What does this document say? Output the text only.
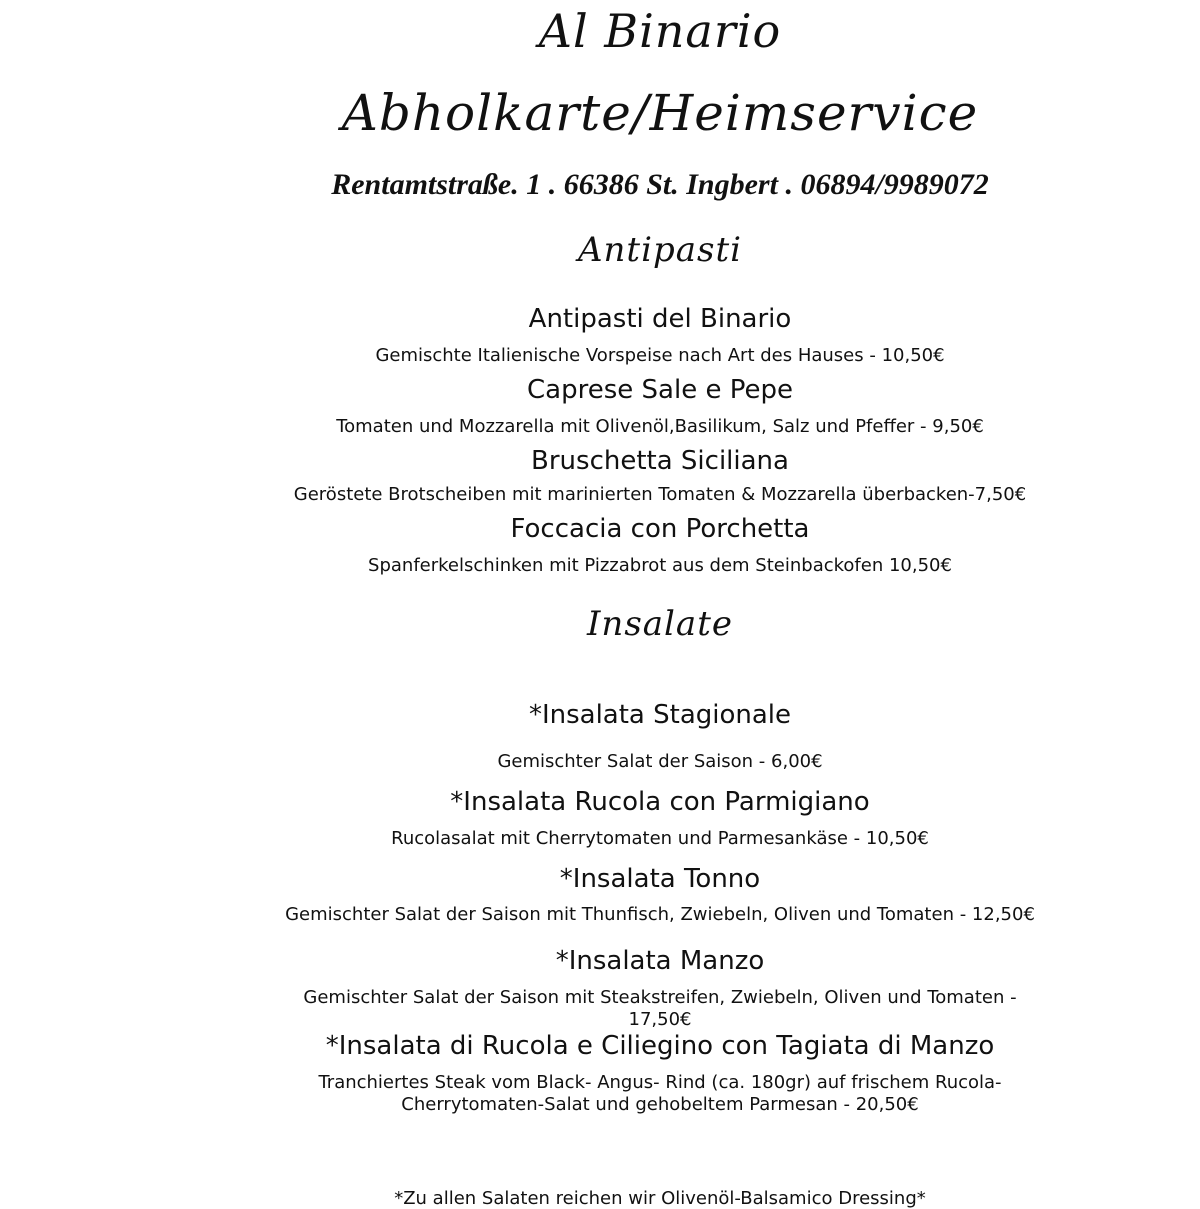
Al Binario
Abholkarte/Heimservice
Rentamtstraße. 1 . 66386 St. Ingbert . 06894/9989072
Antipasti
Antipasti del Binario
Gemischte Italienische Vorspeise nach Art des Hauses - 10,50€
Caprese Sale e Pepe
Tomaten und Mozzarella mit Olivenöl,Basilikum, Salz und Pfeffer - 9,50€
Bruschetta Siciliana
Geröstete Brotscheiben mit marinierten Tomaten & Mozzarella überbacken-7,50€
Foccacia con Porchetta
Spanferkelschinken mit Pizzabrot aus dem Steinbackofen 10,50€
Insalate
*Insalata Stagionale
Gemischter Salat der Saison - 6,00€
*Insalata Rucola con Parmigiano
Rucolasalat mit Cherrytomaten und Parmesankäse - 10,50€
*Insalata Tonno
Gemischter Salat der Saison mit Thunfisch, Zwiebeln, Oliven und Tomaten - 12,50€
*Insalata Manzo
Gemischter Salat der Saison mit Steakstreifen, Zwiebeln, Oliven und Tomaten -
17,50€
*Insalata di Rucola e Ciliegino con Tagiata di Manzo
Tranchiertes Steak vom Black- Angus- Rind (ca. 180gr) auf frischem Rucola-
Cherrytomaten-Salat und gehobeltem Parmesan - 20,50€
*Zu allen Salaten reichen wir Olivenöl-Balsamico Dressing*
